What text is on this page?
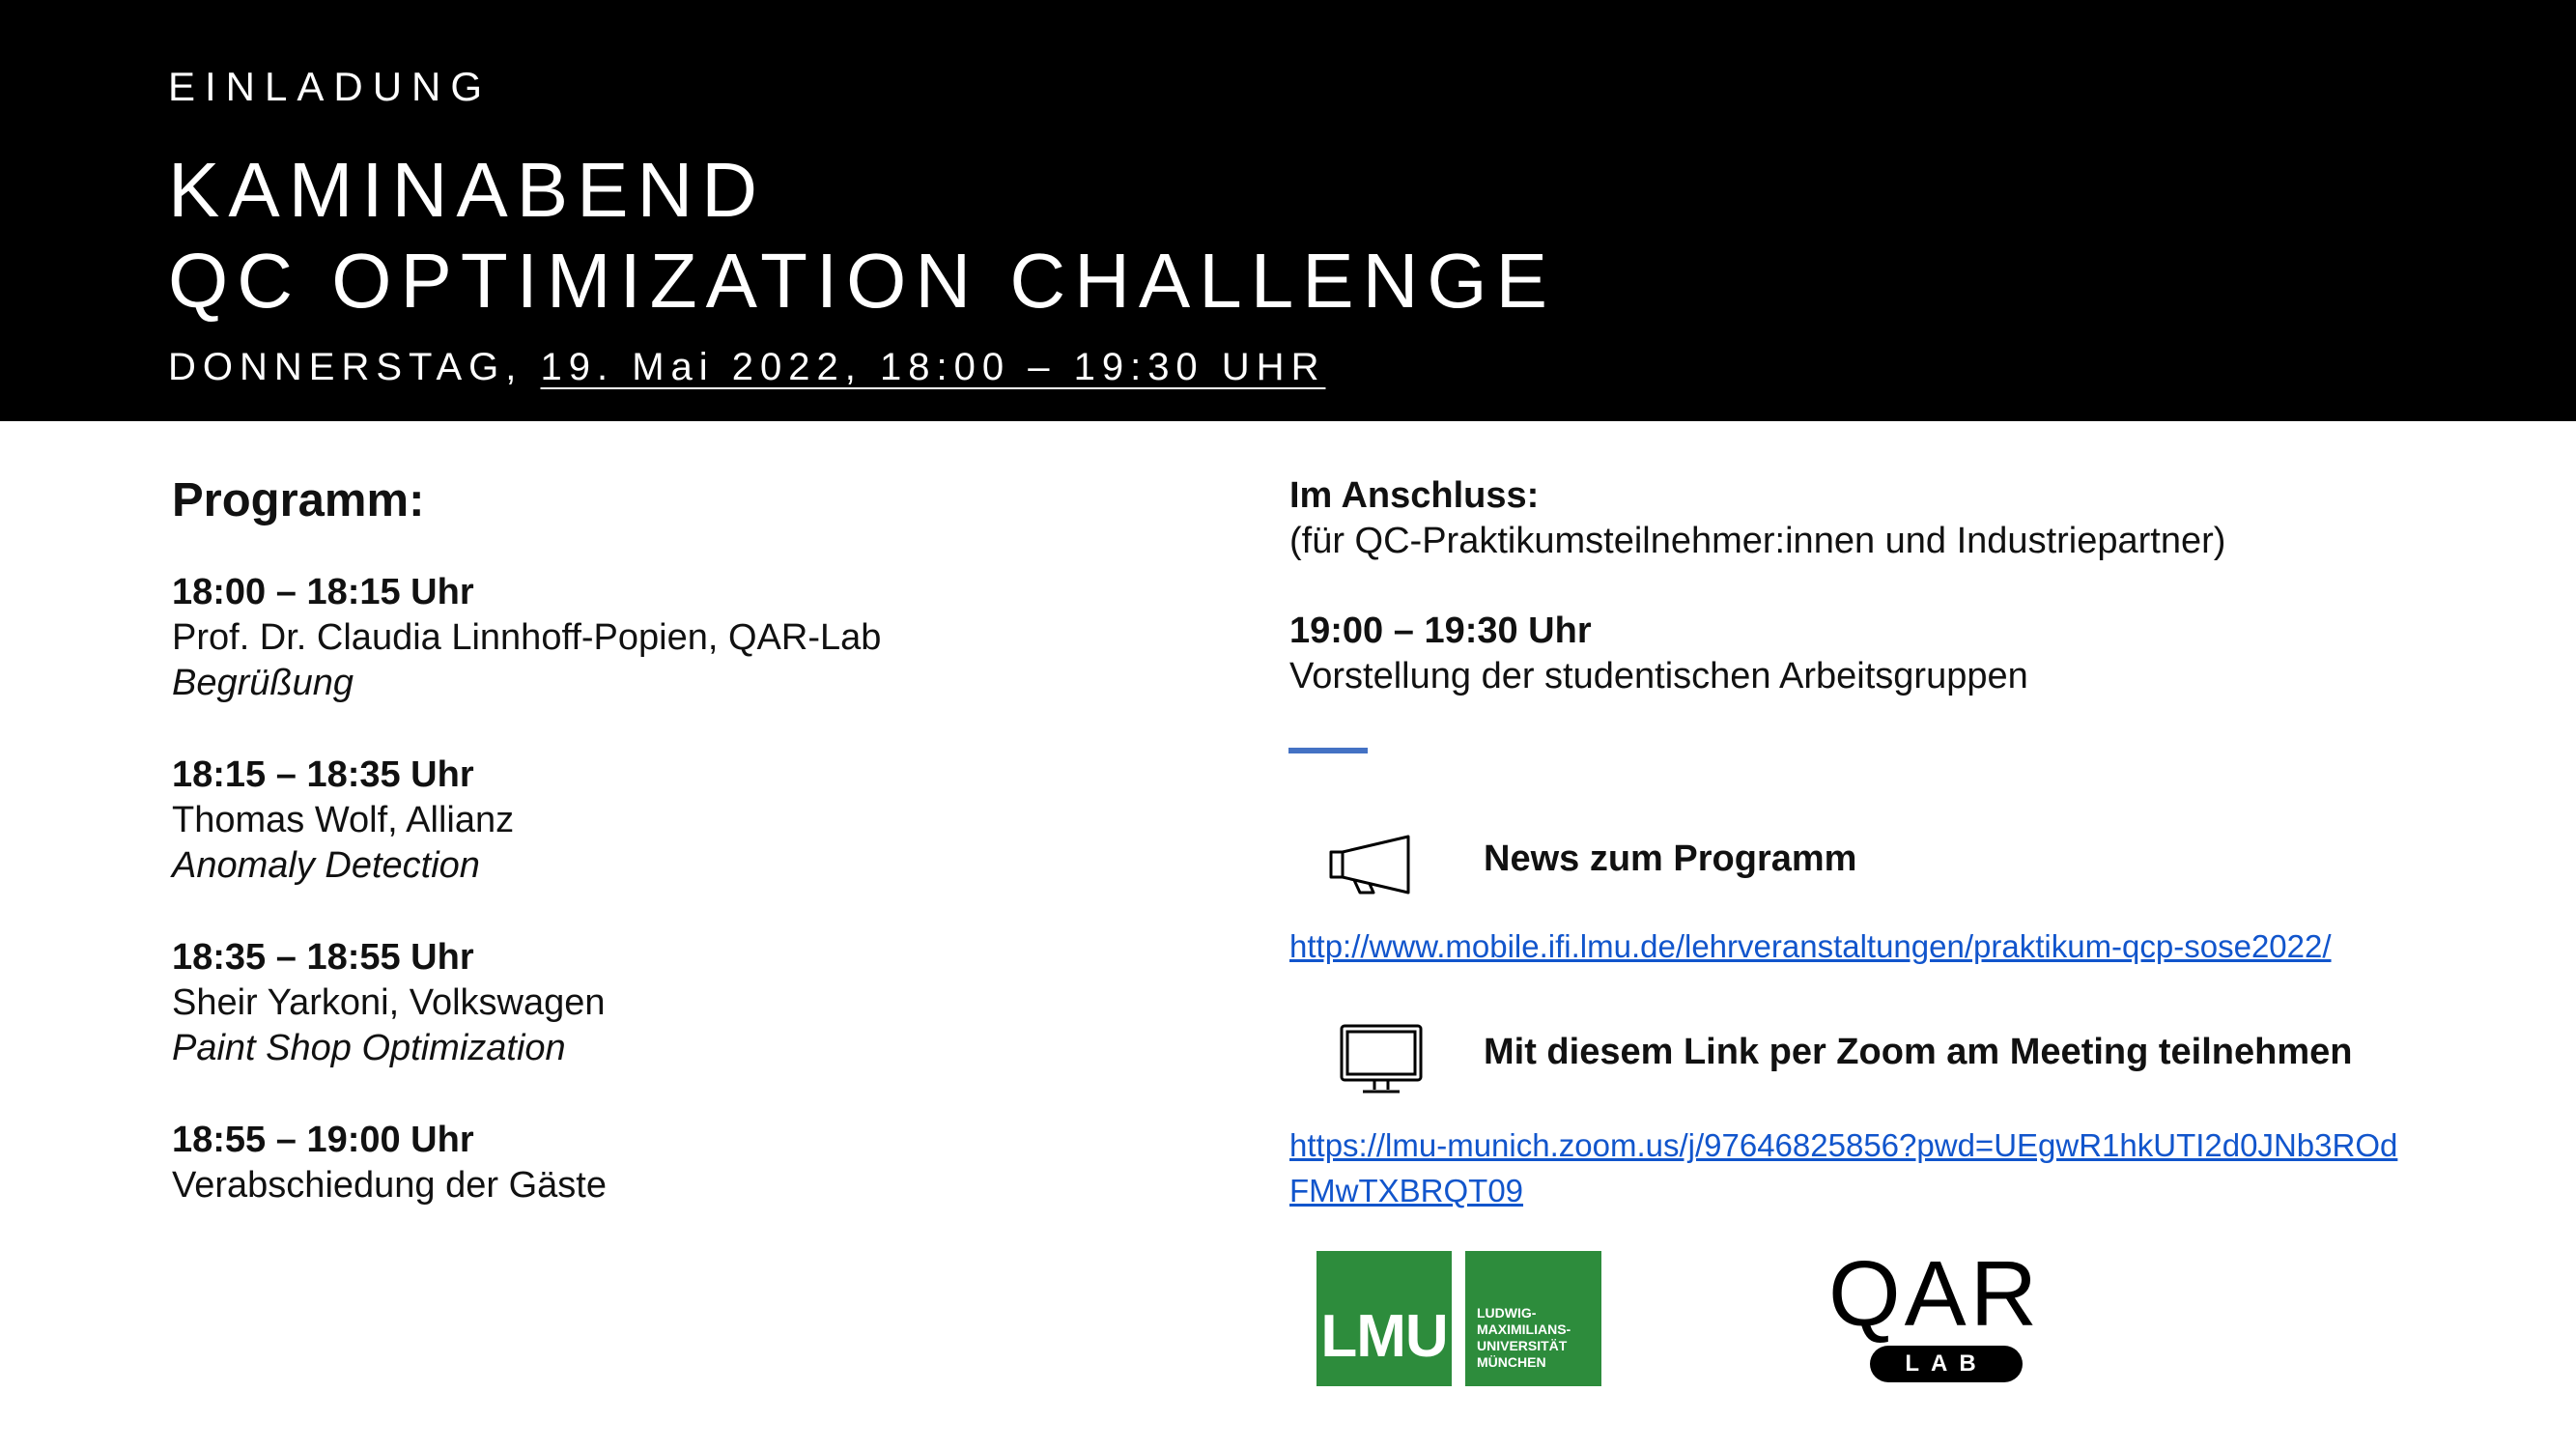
EINLADUNG
KAMINABEND
QC OPTIMIZATION CHALLENGE
DONNERSTAG, 19. Mai 2022, 18:00 – 19:30 UHR
Programm:
18:00 – 18:15 Uhr
Prof. Dr. Claudia Linnhoff-Popien, QAR-Lab
Begrüßung
18:15 – 18:35 Uhr
Thomas Wolf, Allianz
Anomaly Detection
18:35 – 18:55 Uhr
Sheir Yarkoni, Volkswagen
Paint Shop Optimization
18:55 – 19:00 Uhr
Verabschiedung der Gäste
Im Anschluss:
(für QC-Praktikumsteilnehmer:innen und Industriepartner)
19:00 – 19:30 Uhr
Vorstellung der studentischen Arbeitsgruppen
News zum Programm
http://www.mobile.ifi.lmu.de/lehrveranstaltungen/praktikum-qcp-sose2022/
Mit diesem Link per Zoom am Meeting teilnehmen
https://lmu-munich.zoom.us/j/97646825856?pwd=UEgwR1hkUTI2d0JNb3ROdFMwTXBRQT09
LMU	LUDWIG-
MAXIMILIANS-
UNIVERSITÄT
MÜNCHEN
QAR
LAB
